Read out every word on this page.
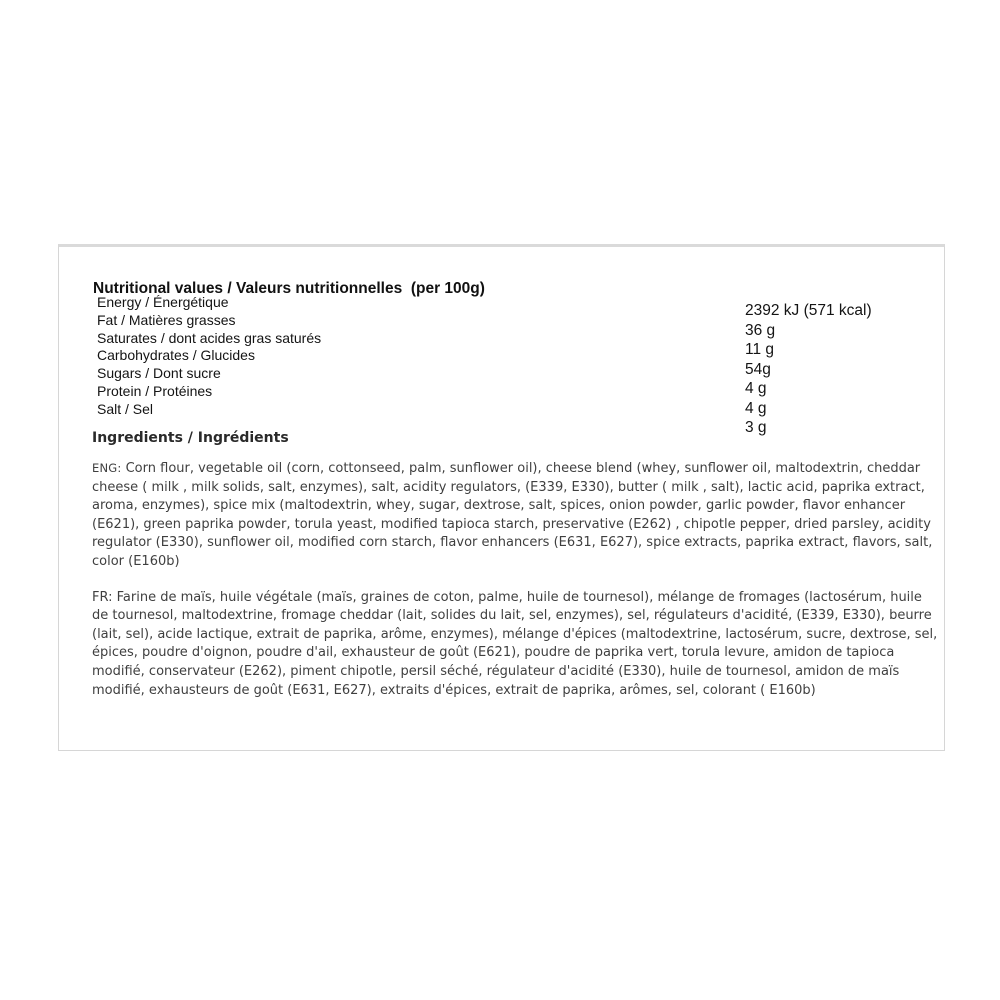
Nutritional values / Valeurs nutritionnelles  (per 100g)
Energy / Énergétique
Fat / Matières grasses
Saturates / dont acides gras saturés
Carbohydrates / Glucides
Sugars / Dont sucre
Protein / Protéines
Salt / Sel
2392 kJ (571 kcal)
36 g
11 g
54g
4 g
4 g
3 g
Ingredients / Ingrédients

ENG: Corn flour, vegetable oil (corn, cottonseed, palm, sunflower oil), cheese blend (whey, sunflower oil, maltodextrin, cheddar cheese ( milk , milk solids, salt, enzymes), salt, acidity regulators, (E339, E330), butter ( milk , salt), lactic acid, paprika extract, aroma, enzymes), spice mix (maltodextrin, whey, sugar, dextrose, salt, spices, onion powder, garlic powder, flavor enhancer (E621), green paprika powder, torula yeast, modified tapioca starch, preservative (E262) , chipotle pepper, dried parsley, acidity regulator (E330), sunflower oil, modified corn starch, flavor enhancers (E631, E627), spice extracts, paprika extract, flavors, salt, color (E160b)

FR: Farine de maïs, huile végétale (maïs, graines de coton, palme, huile de tournesol), mélange de fromages (lactosérum, huile de tournesol, maltodextrine, fromage cheddar (lait, solides du lait, sel, enzymes), sel, régulateurs d'acidité, (E339, E330), beurre (lait, sel), acide lactique, extrait de paprika, arôme, enzymes), mélange d'épices (maltodextrine, lactosérum, sucre, dextrose, sel, épices, poudre d'oignon, poudre d'ail, exhausteur de goût (E621), poudre de paprika vert, torula levure, amidon de tapioca modifié, conservateur (E262), piment chipotle, persil séché, régulateur d'acidité (E330), huile de tournesol, amidon de maïs modifié, exhausteurs de goût (E631, E627), extraits d'épices, extrait de paprika, arômes, sel, colorant ( E160b)
